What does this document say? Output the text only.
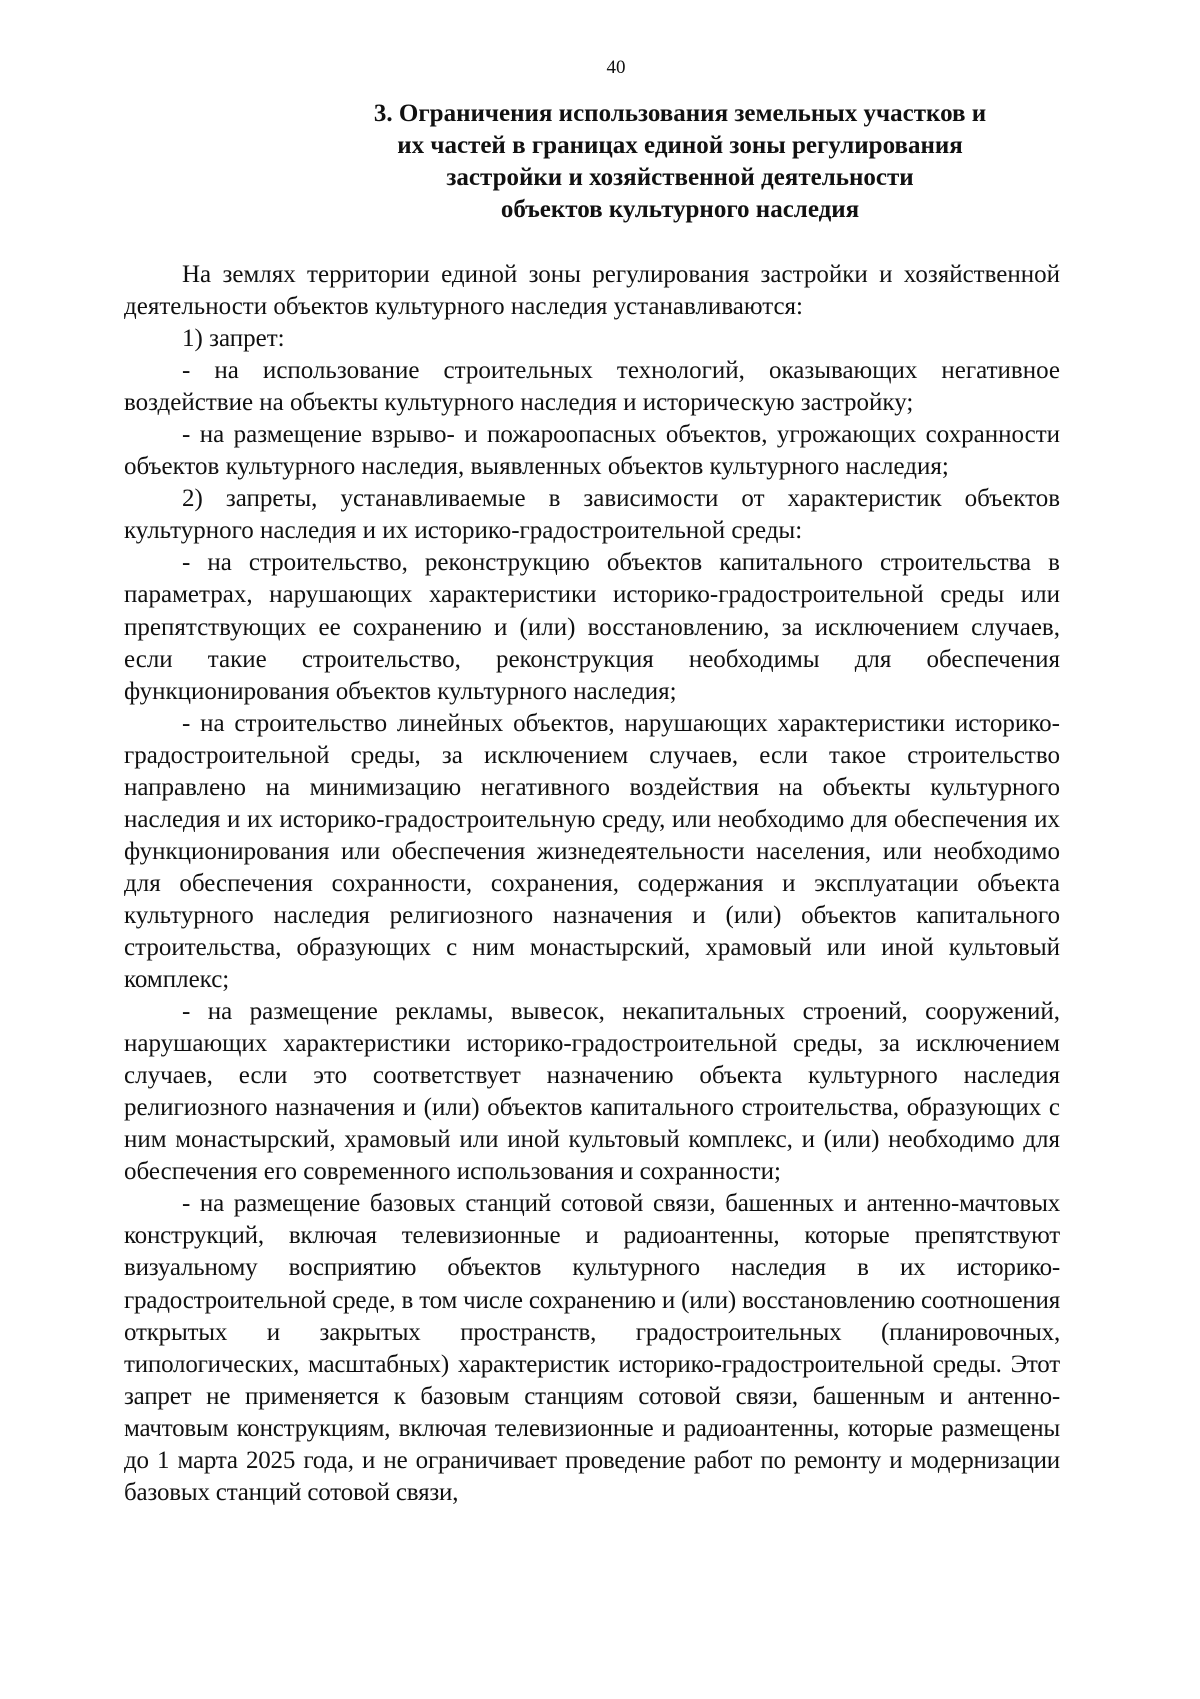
40
3. Ограничения использования земельных участков и
их частей в границах единой зоны регулирования
застройки и хозяйственной деятельности
объектов культурного наследия

На землях территории единой зоны регулирования застройки и хозяйственной деятельности объектов культурного наследия устанавливаются:

1) запрет:

- на использование строительных технологий, оказывающих негативное воздействие на объекты культурного наследия и историческую застройку;

- на размещение взрыво- и пожароопасных объектов, угрожающих сохранности объектов культурного наследия, выявленных объектов культурного наследия;

2) запреты, устанавливаемые в зависимости от характеристик объектов культурного наследия и их историко-градостроительной среды:

- на строительство, реконструкцию объектов капитального строительства в параметрах, нарушающих характеристики историко-градостроительной среды или препятствующих ее сохранению и (или) восстановлению, за исключением случаев, если такие строительство, реконструкция необходимы для обеспечения функционирования объектов культурного наследия;

- на строительство линейных объектов, нарушающих характеристики историко-градостроительной среды, за исключением случаев, если такое строительство направлено на минимизацию негативного воздействия на объекты культурного наследия и их историко-градостроительную среду, или необходимо для обеспечения их функционирования или обеспечения жизнедеятельности населения, или необходимо для обеспечения сохранности, сохранения, содержания и эксплуатации объекта культурного наследия религиозного назначения и (или) объектов капитального строительства, образующих с ним монастырский, храмовый или иной культовый комплекс;

- на размещение рекламы, вывесок, некапитальных строений, сооружений, нарушающих характеристики историко-градостроительной среды, за исключением случаев, если это соответствует назначению объекта культурного наследия религиозного назначения и (или) объектов капитального строительства, образующих с ним монастырский, храмовый или иной культовый комплекс, и (или) необходимо для обеспечения его современного использования и сохранности;

- на размещение базовых станций сотовой связи, башенных и антенно-мачтовых конструкций, включая телевизионные и радиоантенны, которые препятствуют визуальному восприятию объектов культурного наследия в их историко-градостроительной среде, в том числе сохранению и (или) восстановлению соотношения открытых и закрытых пространств, градостроительных (планировочных, типологических, масштабных) характеристик историко-градостроительной среды. Этот запрет не применяется к базовым станциям сотовой связи, башенным и антенно-мачтовым конструкциям, включая телевизионные и радиоантенны, которые размещены до 1 марта 2025 года, и не ограничивает проведение работ по ремонту и модернизации базовых станций сотовой связи,
